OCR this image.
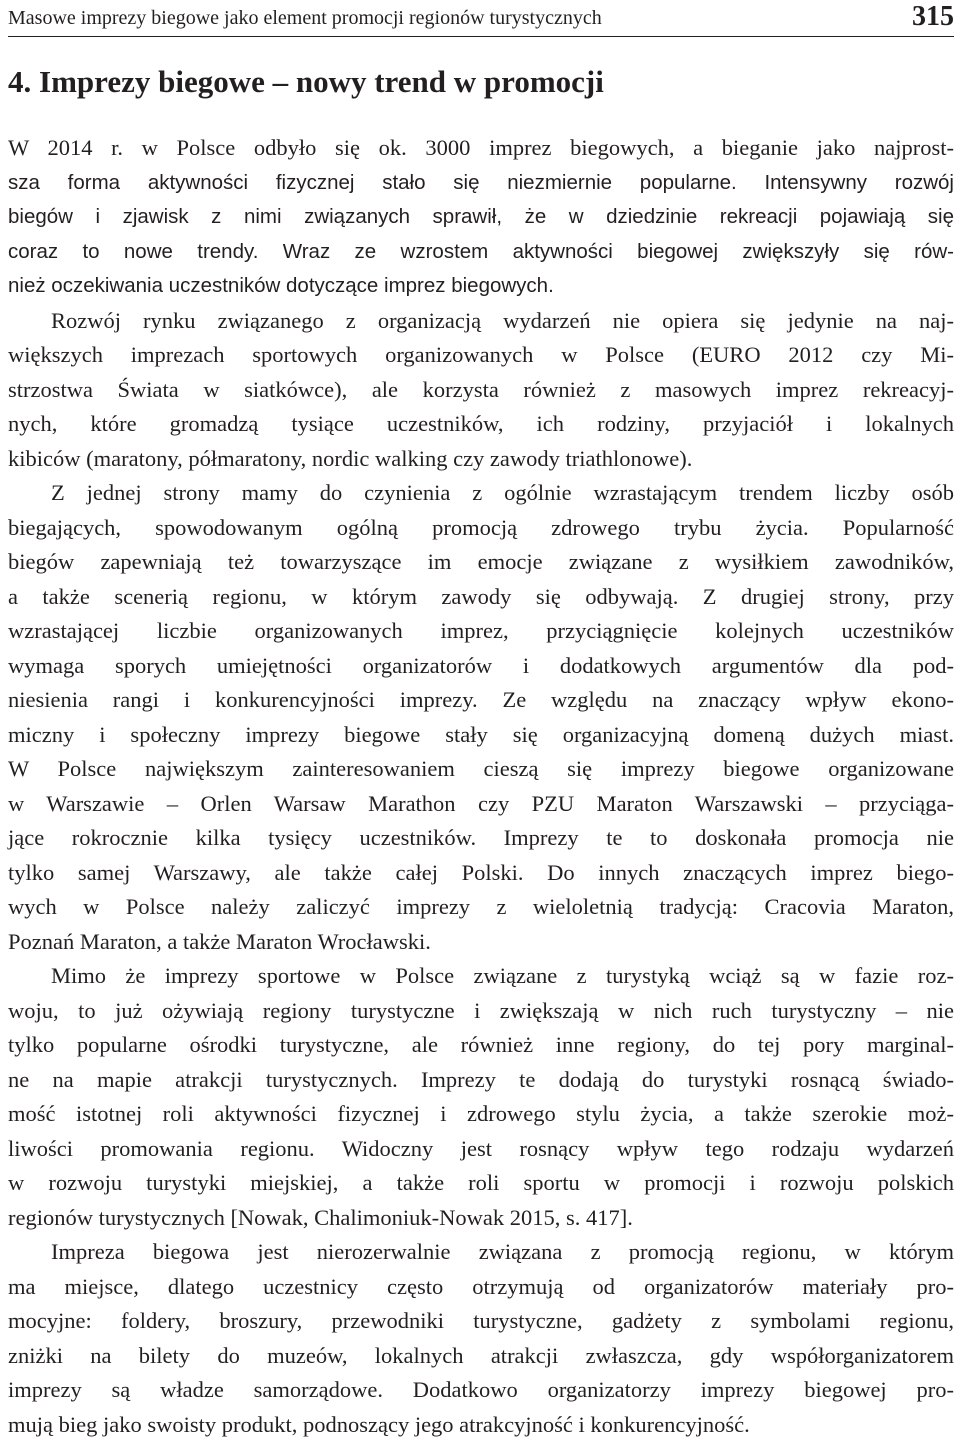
Masowe imprezy biegowe jako element promocji regionów turystycznych	315
4. Imprezy biegowe – nowy trend w promocji
W 2014 r. w Polsce odbyło się ok. 3000 imprez biegowych, a bieganie jako najprost-
sza forma aktywności fizycznej stało się niezmiernie popularne. Intensywny rozwój
biegów i zjawisk z nimi związanych sprawił, że w dziedzinie rekreacji pojawiają się
coraz to nowe trendy. Wraz ze wzrostem aktywności biegowej zwiększyły się rów-
nież oczekiwania uczestników dotyczące imprez biegowych.
Rozwój rynku związanego z organizacją wydarzeń nie opiera się jedynie na naj-
większych imprezach sportowych organizowanych w Polsce (EURO 2012 czy Mi-
strzostwa Świata w siatkówce), ale korzysta również z masowych imprez rekreacyj-
nych, które gromadzą tysiące uczestników, ich rodziny, przyjaciół i lokalnych
kibiców (maratony, półmaratony, nordic walking czy zawody triathlonowe).
Z jednej strony mamy do czynienia z ogólnie wzrastającym trendem liczby osób
biegających, spowodowanym ogólną promocją zdrowego trybu życia. Popularność
biegów zapewniają też towarzyszące im emocje związane z wysiłkiem zawodników,
a także scenerią regionu, w którym zawody się odbywają. Z drugiej strony, przy
wzrastającej liczbie organizowanych imprez, przyciągnięcie kolejnych uczestników
wymaga sporych umiejętności organizatorów i dodatkowych argumentów dla pod-
niesienia rangi i konkurencyjności imprezy. Ze względu na znaczący wpływ ekono-
miczny i społeczny imprezy biegowe stały się organizacyjną domeną dużych miast.
W Polsce największym zainteresowaniem cieszą się imprezy biegowe organizowane
w Warszawie – Orlen Warsaw Marathon czy PZU Maraton Warszawski – przyciąga-
jące rokrocznie kilka tysięcy uczestników. Imprezy te to doskonała promocja nie
tylko samej Warszawy, ale także całej Polski. Do innych znaczących imprez biego-
wych w Polsce należy zaliczyć imprezy z wieloletnią tradycją: Cracovia Maraton,
Poznań Maraton, a także Maraton Wrocławski.
Mimo że imprezy sportowe w Polsce związane z turystyką wciąż są w fazie roz-
woju, to już ożywiają regiony turystyczne i zwiększają w nich ruch turystyczny – nie
tylko popularne ośrodki turystyczne, ale również inne regiony, do tej pory marginal-
ne na mapie atrakcji turystycznych. Imprezy te dodają do turystyki rosnącą świado-
mość istotnej roli aktywności fizycznej i zdrowego stylu życia, a także szerokie moż-
liwości promowania regionu. Widoczny jest rosnący wpływ tego rodzaju wydarzeń
w rozwoju turystyki miejskiej, a także roli sportu w promocji i rozwoju polskich
regionów turystycznych [Nowak, Chalimoniuk-Nowak 2015, s. 417].
Impreza biegowa jest nierozerwalnie związana z promocją regionu, w którym
ma miejsce, dlatego uczestnicy często otrzymują od organizatorów materiały pro-
mocyjne: foldery, broszury, przewodniki turystyczne, gadżety z symbolami regionu,
zniżki na bilety do muzeów, lokalnych atrakcji zwłaszcza, gdy współorganizatorem
imprezy są władze samorządowe. Dodatkowo organizatorzy imprezy biegowej pro-
mują bieg jako swoisty produkt, podnoszący jego atrakcyjność i konkurencyjność.
